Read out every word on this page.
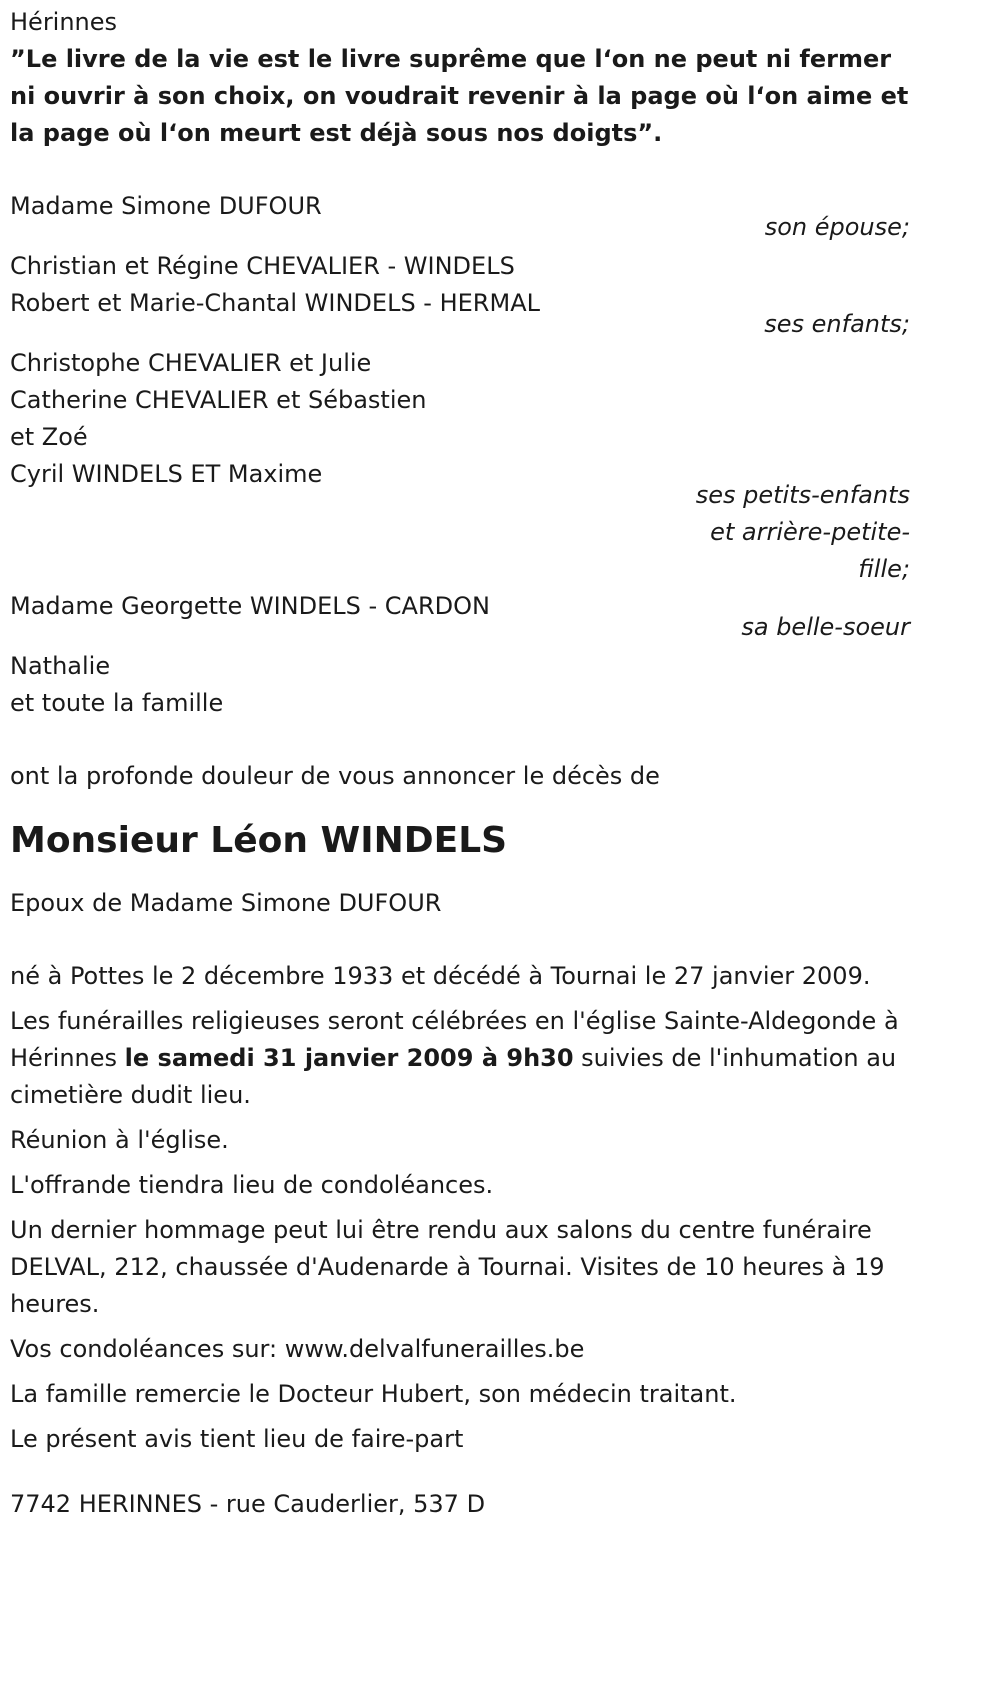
Hérinnes
”Le livre de la vie est le livre suprême que l‘on ne peut ni fermer ni ouvrir à son choix, on voudrait revenir à la page où l‘on aime et la page où l‘on meurt est déjà sous nos doigts”.
Madame Simone DUFOUR
son épouse;
Christian et Régine CHEVALIER - WINDELS
Robert et Marie-Chantal WINDELS - HERMAL
ses enfants;
Christophe CHEVALIER et Julie
Catherine CHEVALIER et Sébastien
et Zoé
Cyril WINDELS ET Maxime
ses petits-enfants
et arrière-petite-
fille;
Madame Georgette WINDELS - CARDON
sa belle-soeur
Nathalie
et toute la famille
ont la profonde douleur de vous annoncer le décès de
Monsieur Léon WINDELS
Epoux de Madame Simone DUFOUR
né à Pottes le 2 décembre 1933 et décédé à Tournai le 27 janvier 2009.
Les funérailles religieuses seront célébrées en l'église Sainte-Aldegonde à Hérinnes le samedi 31 janvier 2009 à 9h30 suivies de l'inhumation au cimetière dudit lieu.
Réunion à l'église.
L'offrande tiendra lieu de condoléances.
Un dernier hommage peut lui être rendu aux salons du centre funéraire DELVAL, 212, chaussée d'Audenarde à Tournai. Visites de 10 heures à 19 heures.
Vos condoléances sur: www.delvalfunerailles.be
La famille remercie le Docteur Hubert, son médecin traitant.
Le présent avis tient lieu de faire-part
7742 HERINNES - rue Cauderlier, 537 D
